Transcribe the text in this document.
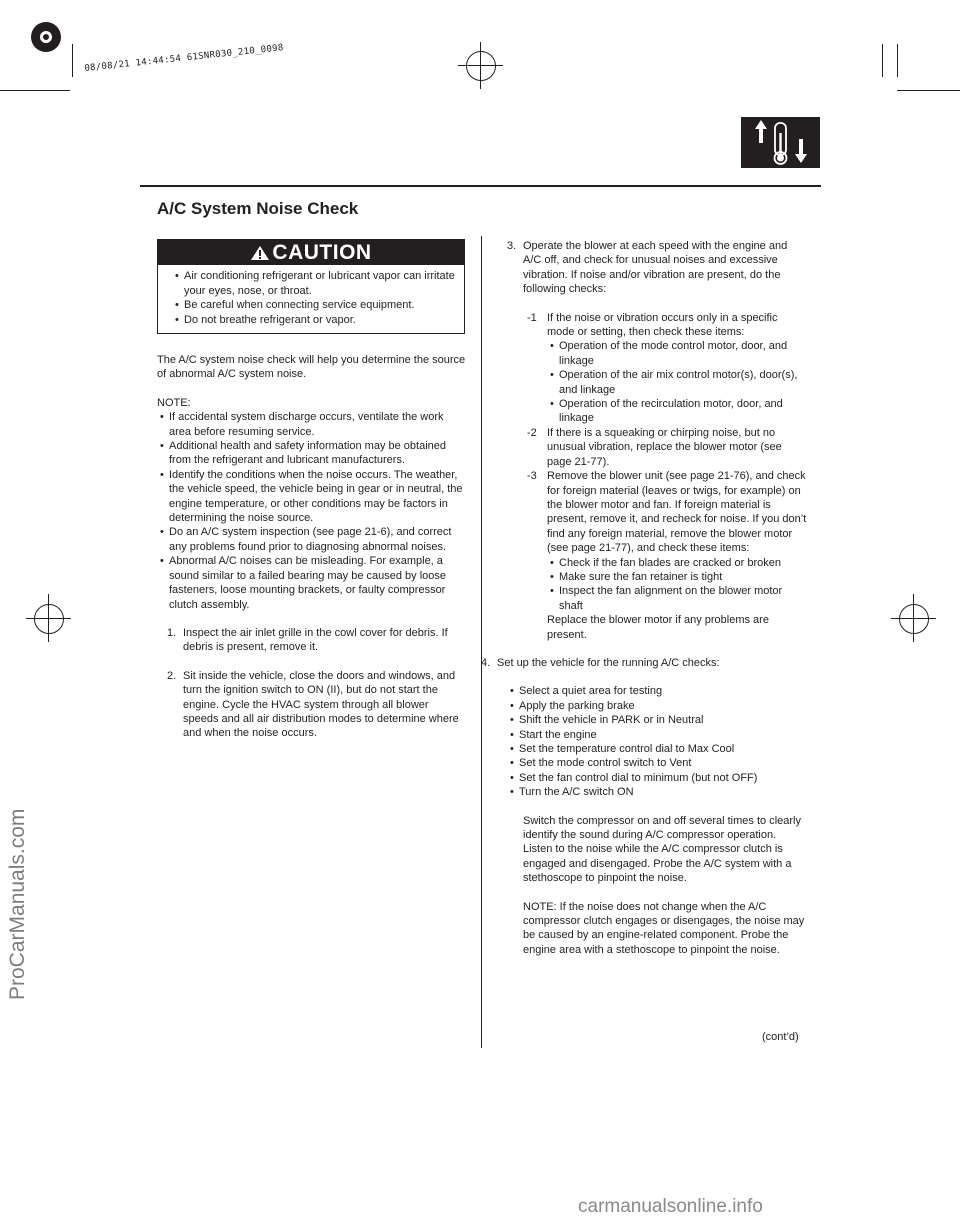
08/08/21 14:44:54 61SNR030_210_0098
ProCarManuals.com
carmanualsonline.info
A/C System Noise Check
CAUTION
• Air conditioning refrigerant or lubricant vapor can irritate your eyes, nose, or throat.
• Be careful when connecting service equipment.
• Do not breathe refrigerant or vapor.

The A/C system noise check will help you determine the source of abnormal A/C system noise.

NOTE:

• If accidental system discharge occurs, ventilate the work area before resuming service.
• Additional health and safety information may be obtained from the refrigerant and lubricant manufacturers.
• Identify the conditions when the noise occurs. The weather, the vehicle speed, the vehicle being in gear or in neutral, the engine temperature, or other conditions may be factors in determining the noise source.
• Do an A/C system inspection (see page 21-6), and correct any problems found prior to diagnosing abnormal noises.
• Abnormal A/C noises can be misleading. For example, a sound similar to a failed bearing may be caused by loose fasteners, loose mounting brackets, or faulty compressor clutch assembly.
1. Inspect the air inlet grille in the cowl cover for debris. If debris is present, remove it.
2. Sit inside the vehicle, close the doors and windows, and turn the ignition switch to ON (II), but do not start the engine. Cycle the HVAC system through all blower speeds and all air distribution modes to determine where and when the noise occurs.
3. Operate the blower at each speed with the engine and A/C off, and check for unusual noises and excessive vibration. If noise and/or vibration are present, do the following checks:
-1 If the noise or vibration occurs only in a specific mode or setting, then check these items:
• Operation of the mode control motor, door, and linkage
• Operation of the air mix control motor(s), door(s), and linkage
• Operation of the recirculation motor, door, and linkage
-2 If there is a squeaking or chirping noise, but no unusual vibration, replace the blower motor (see page 21-77).
-3 Remove the blower unit (see page 21-76), and check for foreign material (leaves or twigs, for example) on the blower motor and fan. If foreign material is present, remove it, and recheck for noise. If you don’t find any foreign material, remove the blower motor (see page 21-77), and check these items:
• Check if the fan blades are cracked or broken
• Make sure the fan retainer is tight
• Inspect the fan alignment on the blower motor shaft
Replace the blower motor if any problems are present.
4. Set up the vehicle for the running A/C checks:
• Select a quiet area for testing
• Apply the parking brake
• Shift the vehicle in PARK or in Neutral
• Start the engine
• Set the temperature control dial to Max Cool
• Set the mode control switch to Vent
• Set the fan control dial to minimum (but not OFF)
• Turn the A/C switch ON

Switch the compressor on and off several times to clearly identify the sound during A/C compressor operation. Listen to the noise while the A/C compressor clutch is engaged and disengaged. Probe the A/C system with a stethoscope to pinpoint the noise.

NOTE: If the noise does not change when the A/C compressor clutch engages or disengages, the noise may be caused by an engine-related component. Probe the engine area with a stethoscope to pinpoint the noise.

(cont’d)
